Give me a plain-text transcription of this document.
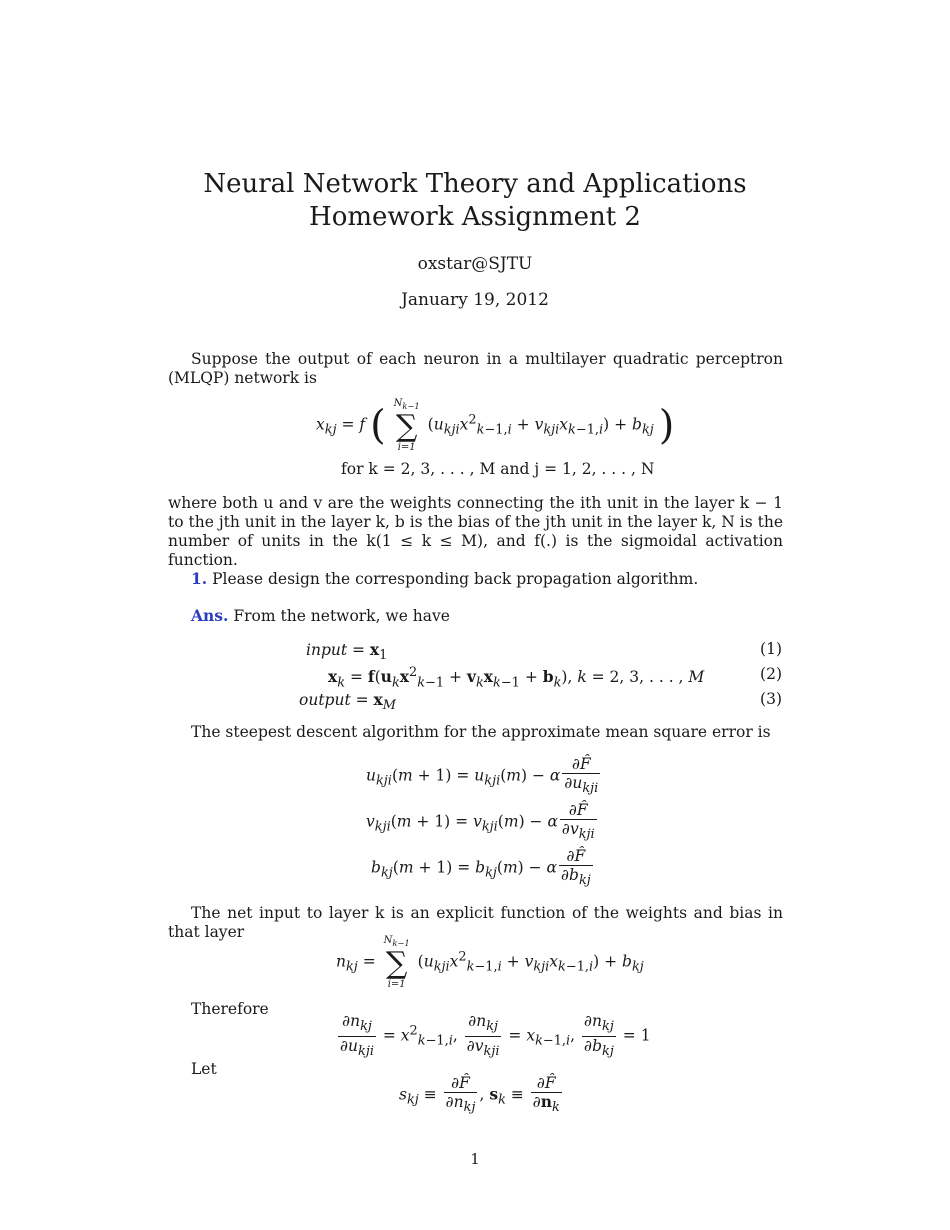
Neural Network Theory and Applications
Homework Assignment 2
oxstar@SJTU
January 19, 2012
Suppose the output of each neuron in a multilayer quadratic perceptron (MLQP) network is
$x_{kj} = f$ ( $N_{k-1}$
∑
i=1
$(u_{kji}x^2_{k-1,i} + v_{kji}x_{k-1,i}) + b_{kj}$ )
for k = 2, 3, . . . , M and j = 1, 2, . . . , N
where both u and v are the weights connecting the ith unit in the layer k − 1 to the jth unit in the layer k, b is the bias of the jth unit in the layer k, N is the number of units in the k(1 ≤ k ≤ M), and f(.) is the sigmoidal activation function.
1. Please design the corresponding back propagation algorithm.
Ans. From the network, we have
input = $x_1$	(1)
$x_k = f(u_kx^2_{k-1} + v_kx_{k-1} + b_k)$, k = 2, 3, . . . , M	(2)
output = $x_M$	(3)
The steepest descent algorithm for the approximate mean square error is
$u_{kji}(m + 1) = u_{kji}(m) - \alpha \frac{\partial F̂}{\partial u_{kji}}$
$v_{kji}(m + 1) = v_{kji}(m) - \alpha \frac{\partial F̂}{\partial v_{kji}}$
$b_{kj}(m + 1) = b_{kj}(m) - \alpha \frac{\partial F̂}{\partial b_{kj}}$
The net input to layer k is an explicit function of the weights and bias in that layer
$n_{kj}$ =
$N_{k-1}$
∑
i=1
$(u_{kji}x^2_{k-1,i} + v_{kji}x_{k-1,i}) + b_{kj}$
Therefore
$\frac{\partial n_{kj}}{\partial u_{kji}} = x^2_{k-1,i}$, $\frac{\partial n_{kj}}{\partial v_{kji}} = x_{k-1,i}$, $\frac{\partial n_{kj}}{\partial b_{kj}} = 1$
Let
$s_{kj} \equiv \frac{\partial F̂}{\partial n_{kj}}$ , $s_k \equiv \frac{\partial F̂}{\partial n_k}$
1
